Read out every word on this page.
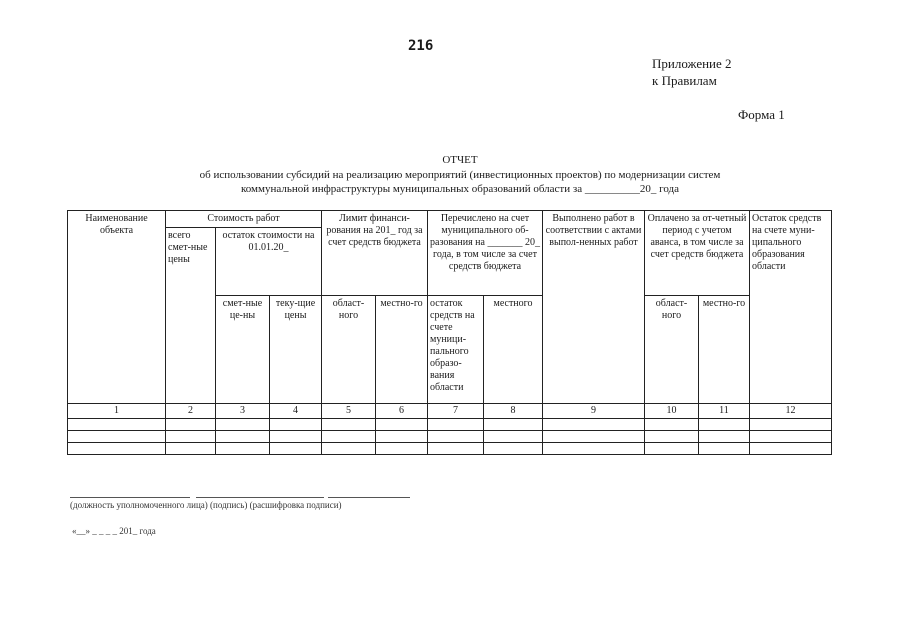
216
Приложение 2
к Правилам
Форма 1
ОТЧЕТ
об использовании субсидий на реализацию мероприятий (инвестиционных проектов) по модернизации систем
коммунальной инфраструктуры муниципальных образований области за __________20_ года
Наименование объекта	Стоимость работ			Лимит финанси-рования на 201_ год за счет средств бюджета		Перечислено на счет муниципального об-разования на _______ 20_ года, в том числе за счет средств бюджета		Выполнено работ в соответствии с актами выпол-ненных работ	Оплачено за от-четный период с учетом аванса, в том числе за счет средств бюджета		Остаток средств на счете муни-ципального образования области
	всего смет-ные цены	остаток стоимости на 01.01.20_									
		смет-ные це-ны	теку-щие цены	област-ного	местно-го	остаток средств на счете муници-пального образо-вания области	местного		област-ного	местно-го	
1	2	3	4	5	6	7	8	9	10	11	12

(должность уполномоченного лица) (подпись) (расшифровка подписи)
«__» _ _ _ _ 201_ года
